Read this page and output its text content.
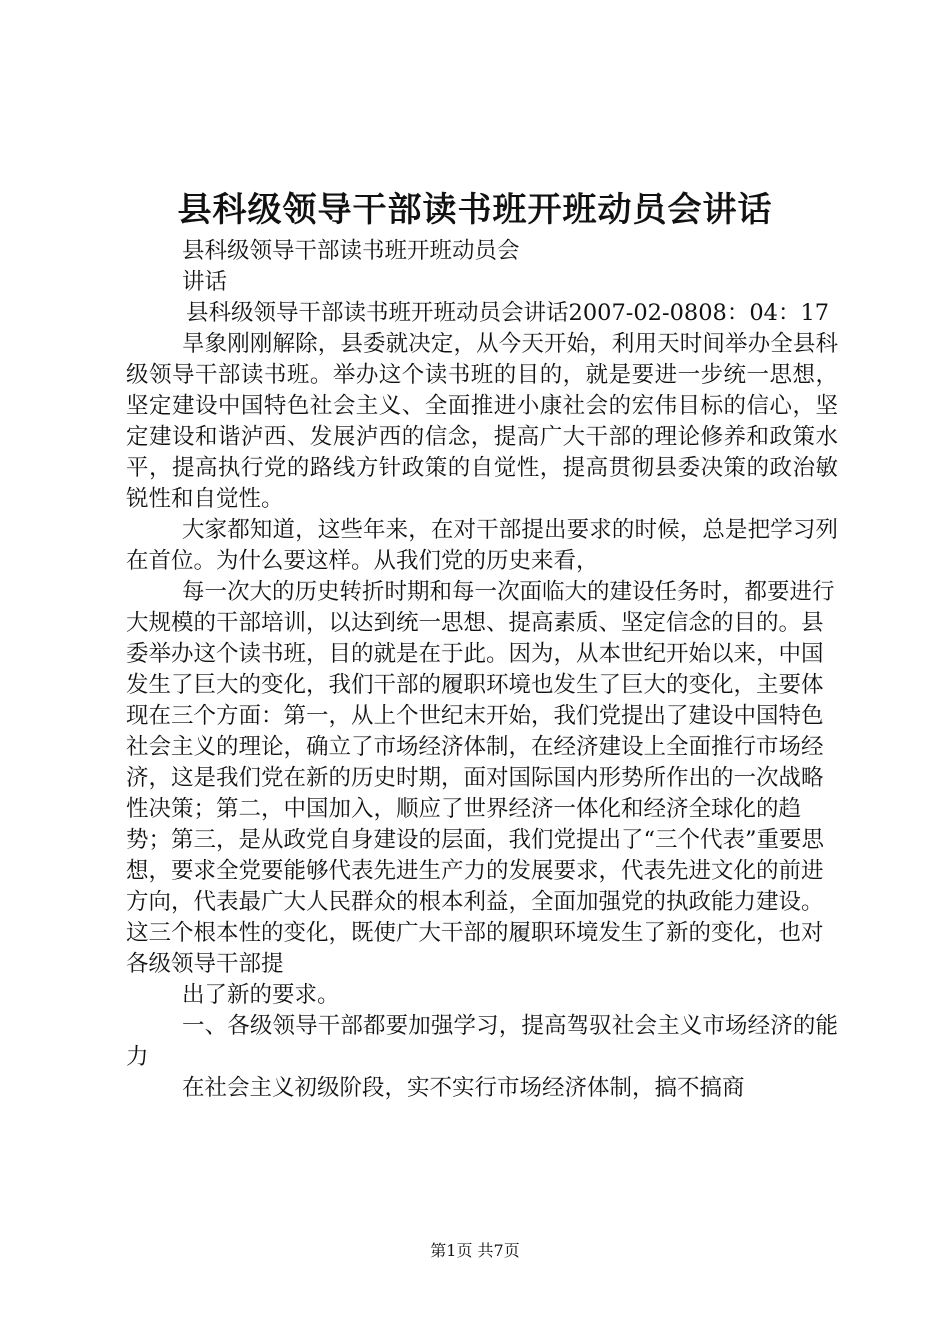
县科级领导干部读书班开班动员会讲话

县科级领导干部读书班开班动员会

讲话

县科级领导干部读书班开班动员会讲话2007-02-0808：04：17

旱象刚刚解除，县委就决定，从今天开始，利用天时间举办全县科级领导干部读书班。举办这个读书班的目的，就是要进一步统一思想，坚定建设中国特色社会主义、全面推进小康社会的宏伟目标的信心，坚定建设和谐泸西、发展泸西的信念，提高广大干部的理论修养和政策水平，提高执行党的路线方针政策的自觉性，提高贯彻县委决策的政治敏锐性和自觉性。

大家都知道，这些年来，在对干部提出要求的时候，总是把学习列在首位。为什么要这样。从我们党的历史来看，

每一次大的历史转折时期和每一次面临大的建设任务时，都要进行大规模的干部培训，以达到统一思想、提高素质、坚定信念的目的。县委举办这个读书班，目的就是在于此。因为，从本世纪开始以来，中国发生了巨大的变化，我们干部的履职环境也发生了巨大的变化，主要体现在三个方面：第一，从上个世纪末开始，我们党提出了建设中国特色社会主义的理论，确立了市场经济体制，在经济建设上全面推行市场经济，这是我们党在新的历史时期，面对国际国内形势所作出的一次战略性决策；第二，中国加入，顺应了世界经济一体化和经济全球化的趋势；第三，是从政党自身建设的层面，我们党提出了“三个代表”重要思想，要求全党要能够代表先进生产力的发展要求，代表先进文化的前进方向，代表最广大人民群众的根本利益，全面加强党的执政能力建设。这三个根本性的变化，既使广大干部的履职环境发生了新的变化，也对各级领导干部提

出了新的要求。

一、各级领导干部都要加强学习，提高驾驭社会主义市场经济的能力

在社会主义初级阶段，实不实行市场经济体制，搞不搞商

第1页 共7页
